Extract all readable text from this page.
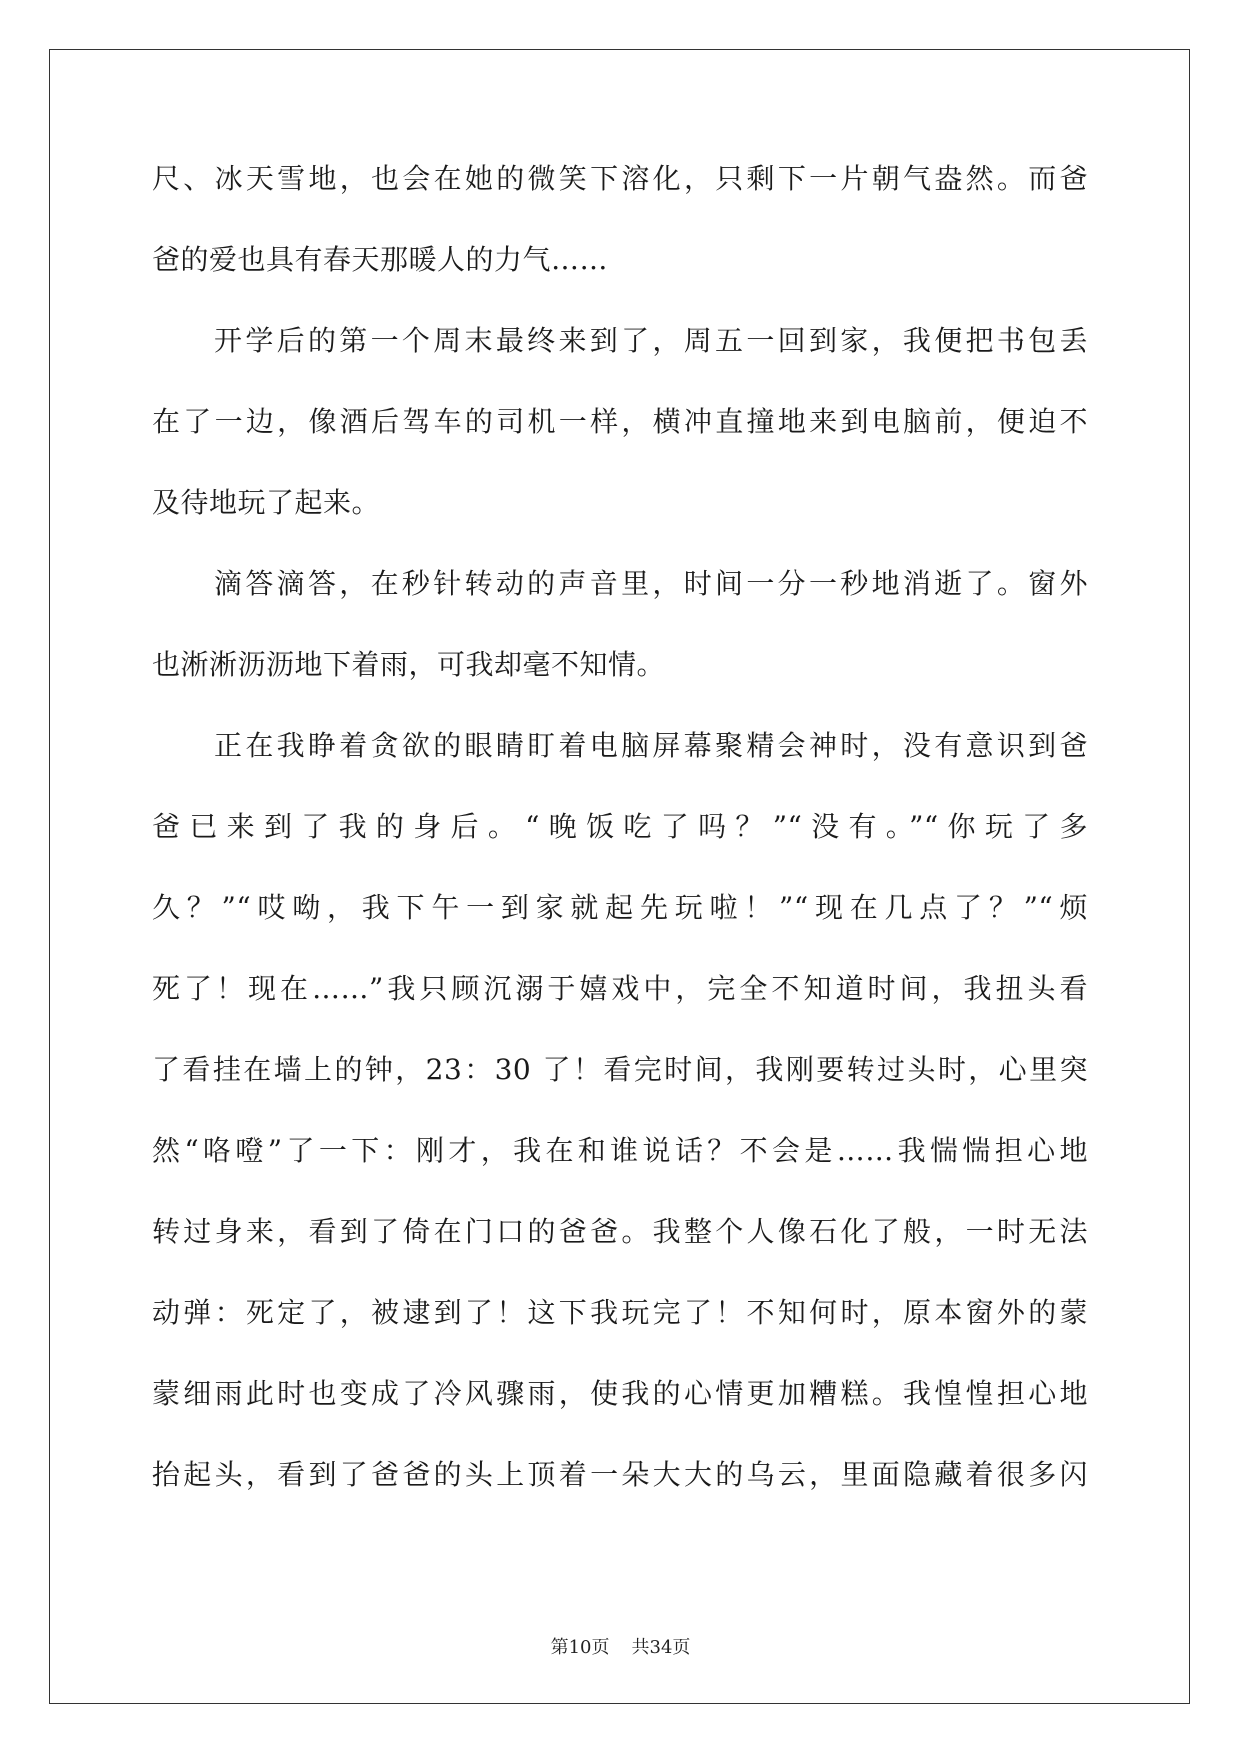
尺、冰天雪地，也会在她的微笑下溶化，只剩下一片朝气盎然。而爸
爸的爱也具有春天那暖人的力气……
开学后的第一个周末最终来到了，周五一回到家，我便把书包丢
在了一边，像酒后驾车的司机一样，横冲直撞地来到电脑前，便迫不
及待地玩了起来。
滴答滴答，在秒针转动的声音里，时间一分一秒地消逝了。窗外
也淅淅沥沥地下着雨，可我却毫不知情。
正在我睁着贪欲的眼睛盯着电脑屏幕聚精会神时，没有意识到爸
爸已来到了我的身后。“晚饭吃了吗？”“没有。”“你玩了多
久？”“哎呦，我下午一到家就起先玩啦！”“现在几点了？”“烦
死了！现在……”我只顾沉溺于嬉戏中，完全不知道时间，我扭头看
了看挂在墙上的钟，23：30 了！看完时间，我刚要转过头时，心里突
然“咯噔”了一下：刚才，我在和谁说话？不会是……我惴惴担心地
转过身来，看到了倚在门口的爸爸。我整个人像石化了般，一时无法
动弹：死定了，被逮到了！这下我玩完了！不知何时，原本窗外的蒙
蒙细雨此时也变成了冷风骤雨，使我的心情更加糟糕。我惶惶担心地
抬起头，看到了爸爸的头上顶着一朵大大的乌云，里面隐藏着很多闪
第10页 共34页
